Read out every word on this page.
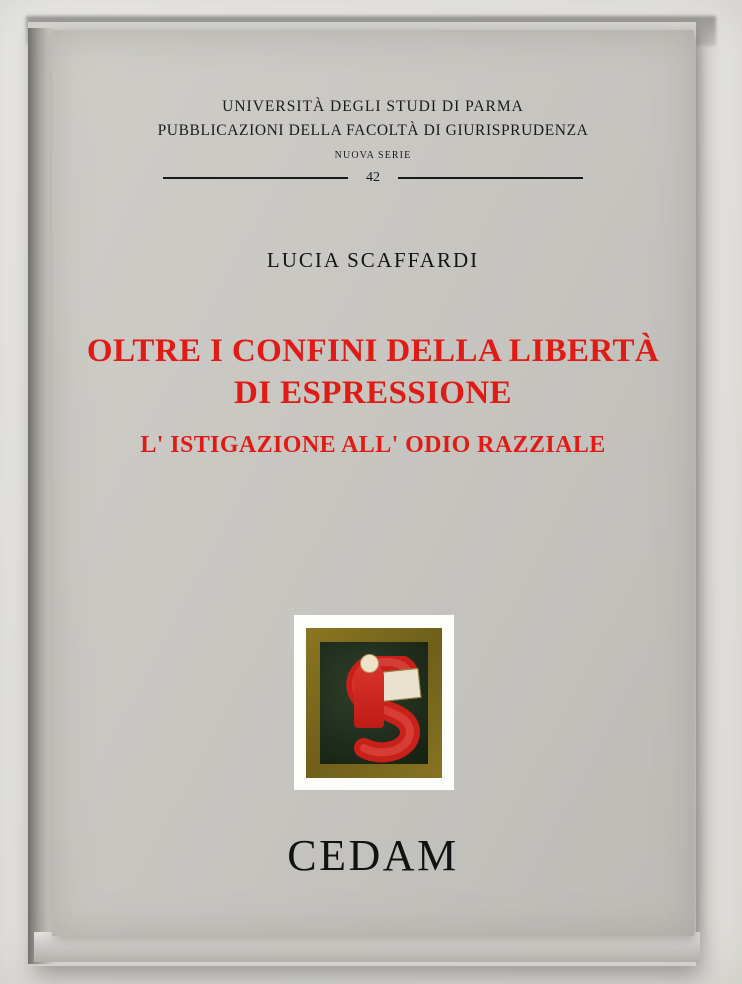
UNIVERSITÀ DEGLI STUDI DI PARMA
PUBBLICAZIONI DELLA FACOLTÀ DI GIURISPRUDENZA
NUOVA SERIE
42
LUCIA SCAFFARDI
OLTRE I CONFINI DELLA LIBERTÀ
DI ESPRESSIONE
L' ISTIGAZIONE ALL' ODIO RAZZIALE
CEDAM
